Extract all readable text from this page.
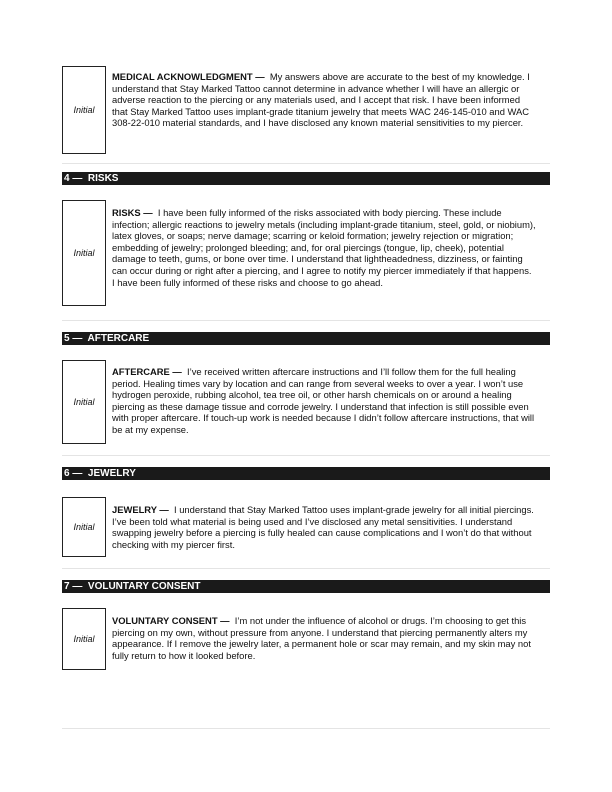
Initial
MEDICAL ACKNOWLEDGMENT — My answers above are accurate to the best of my knowledge. I understand that Stay Marked Tattoo cannot determine in advance whether I will have an allergic or adverse reaction to the piercing or any materials used, and I accept that risk. I have been informed that Stay Marked Tattoo uses implant-grade titanium jewelry that meets WAC 246-145-010 and WAC 308-22-010 material standards, and I have disclosed any known material sensitivities to my piercer.
4 — RISKS
Initial
RISKS — I have been fully informed of the risks associated with body piercing. These include infection; allergic reactions to jewelry metals (including implant-grade titanium, steel, gold, or niobium), latex gloves, or soaps; nerve damage; scarring or keloid formation; jewelry rejection or migration; embedding of jewelry; prolonged bleeding; and, for oral piercings (tongue, lip, cheek), potential damage to teeth, gums, or bone over time. I understand that lightheadedness, dizziness, or fainting can occur during or right after a piercing, and I agree to notify my piercer immediately if that happens. I have been fully informed of these risks and choose to go ahead.
5 — AFTERCARE
Initial
AFTERCARE — I’ve received written aftercare instructions and I’ll follow them for the full healing period. Healing times vary by location and can range from several weeks to over a year. I won’t use hydrogen peroxide, rubbing alcohol, tea tree oil, or other harsh chemicals on or around a healing piercing as these damage tissue and corrode jewelry. I understand that infection is still possible even with proper aftercare. If touch-up work is needed because I didn’t follow aftercare instructions, that will be at my expense.
6 — JEWELRY
Initial
JEWELRY — I understand that Stay Marked Tattoo uses implant-grade jewelry for all initial piercings. I’ve been told what material is being used and I’ve disclosed any metal sensitivities. I understand swapping jewelry before a piercing is fully healed can cause complications and I won’t do that without checking with my piercer first.
7 — VOLUNTARY CONSENT
Initial
VOLUNTARY CONSENT — I’m not under the influence of alcohol or drugs. I’m choosing to get this piercing on my own, without pressure from anyone. I understand that piercing permanently alters my appearance. If I remove the jewelry later, a permanent hole or scar may remain, and my skin may not fully return to how it looked before.
